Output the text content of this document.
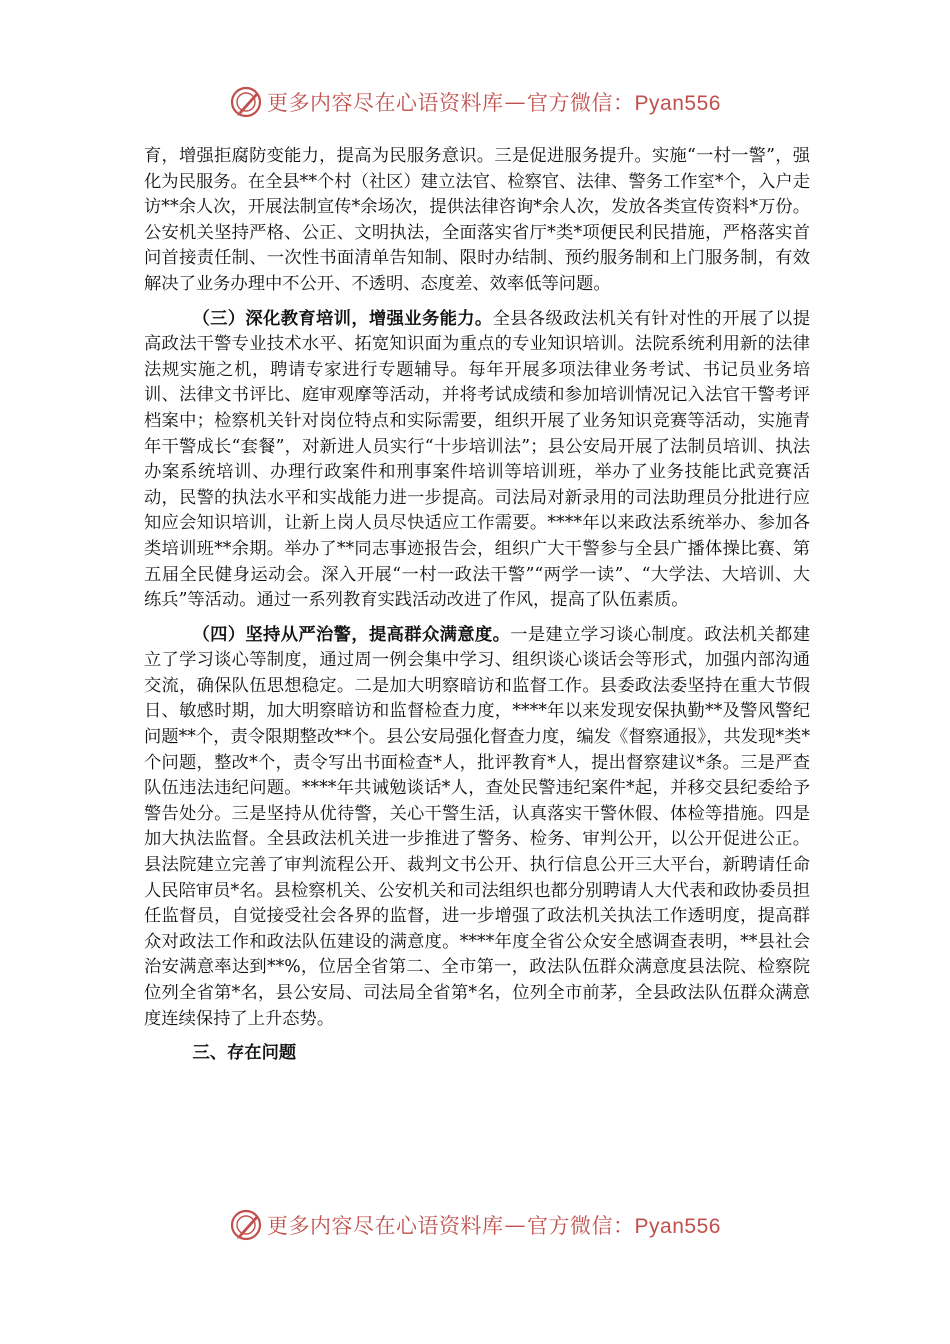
更多内容尽在心语资料库 — 官方微信：Pyan556

育，增强拒腐防变能力，提高为民服务意识。三是促进服务提升。实施“一村一警”，强化为民服务。在全县**个村（社区）建立法官、检察官、法律、警务工作室*个，入户走访**余人次，开展法制宣传*余场次，提供法律咨询*余人次，发放各类宣传资料*万份。公安机关坚持严格、公正、文明执法，全面落实省厅*类*项便民利民措施，严格落实首问首接责任制、一次性书面清单告知制、限时办结制、预约服务制和上门服务制，有效解决了业务办理中不公开、不透明、态度差、效率低等问题。

（三）深化教育培训，增强业务能力。全县各级政法机关有针对性的开展了以提高政法干警专业技术水平、拓宽知识面为重点的专业知识培训。法院系统利用新的法律法规实施之机，聘请专家进行专题辅导。每年开展多项法律业务考试、书记员业务培训、法律文书评比、庭审观摩等活动，并将考试成绩和参加培训情况记入法官干警考评档案中；检察机关针对岗位特点和实际需要，组织开展了业务知识竞赛等活动，实施青年干警成长“套餐”，对新进人员实行“十步培训法”；县公安局开展了法制员培训、执法办案系统培训、办理行政案件和刑事案件培训等培训班，举办了业务技能比武竞赛活动，民警的执法水平和实战能力进一步提高。司法局对新录用的司法助理员分批进行应知应会知识培训，让新上岗人员尽快适应工作需要。****年以来政法系统举办、参加各类培训班**余期。举办了**同志事迹报告会，组织广大干警参与全县广播体操比赛、第五届全民健身运动会。深入开展“一村一政法干警”“两学一读”、“大学法、大培训、大练兵”等活动。通过一系列教育实践活动改进了作风，提高了队伍素质。

（四）坚持从严治警，提高群众满意度。一是建立学习谈心制度。政法机关都建立了学习谈心等制度，通过周一例会集中学习、组织谈心谈话会等形式，加强内部沟通交流，确保队伍思想稳定。二是加大明察暗访和监督工作。县委政法委坚持在重大节假日、敏感时期，加大明察暗访和监督检查力度，****年以来发现安保执勤**及警风警纪问题**个，责令限期整改**个。县公安局强化督查力度，编发《督察通报》，共发现*类*个问题，整改*个，责令写出书面检查*人，批评教育*人，提出督察建议*条。三是严查队伍违法违纪问题。****年共诫勉谈话*人，查处民警违纪案件*起，并移交县纪委给予警告处分。三是坚持从优待警，关心干警生活，认真落实干警休假、体检等措施。四是加大执法监督。全县政法机关进一步推进了警务、检务、审判公开，以公开促进公正。县法院建立完善了审判流程公开、裁判文书公开、执行信息公开三大平台，新聘请任命人民陪审员*名。县检察机关、公安机关和司法组织也都分别聘请人大代表和政协委员担任监督员，自觉接受社会各界的监督，进一步增强了政法机关执法工作透明度，提高群众对政法工作和政法队伍建设的满意度。****年度全省公众安全感调查表明，**县社会治安满意率达到**%，位居全省第二、全市第一，政法队伍群众满意度县法院、检察院位列全省第*名，县公安局、司法局全省第*名，位列全市前茅，全县政法队伍群众满意度连续保持了上升态势。

三、存在问题
更多内容尽在心语资料库 — 官方微信：Pyan556
